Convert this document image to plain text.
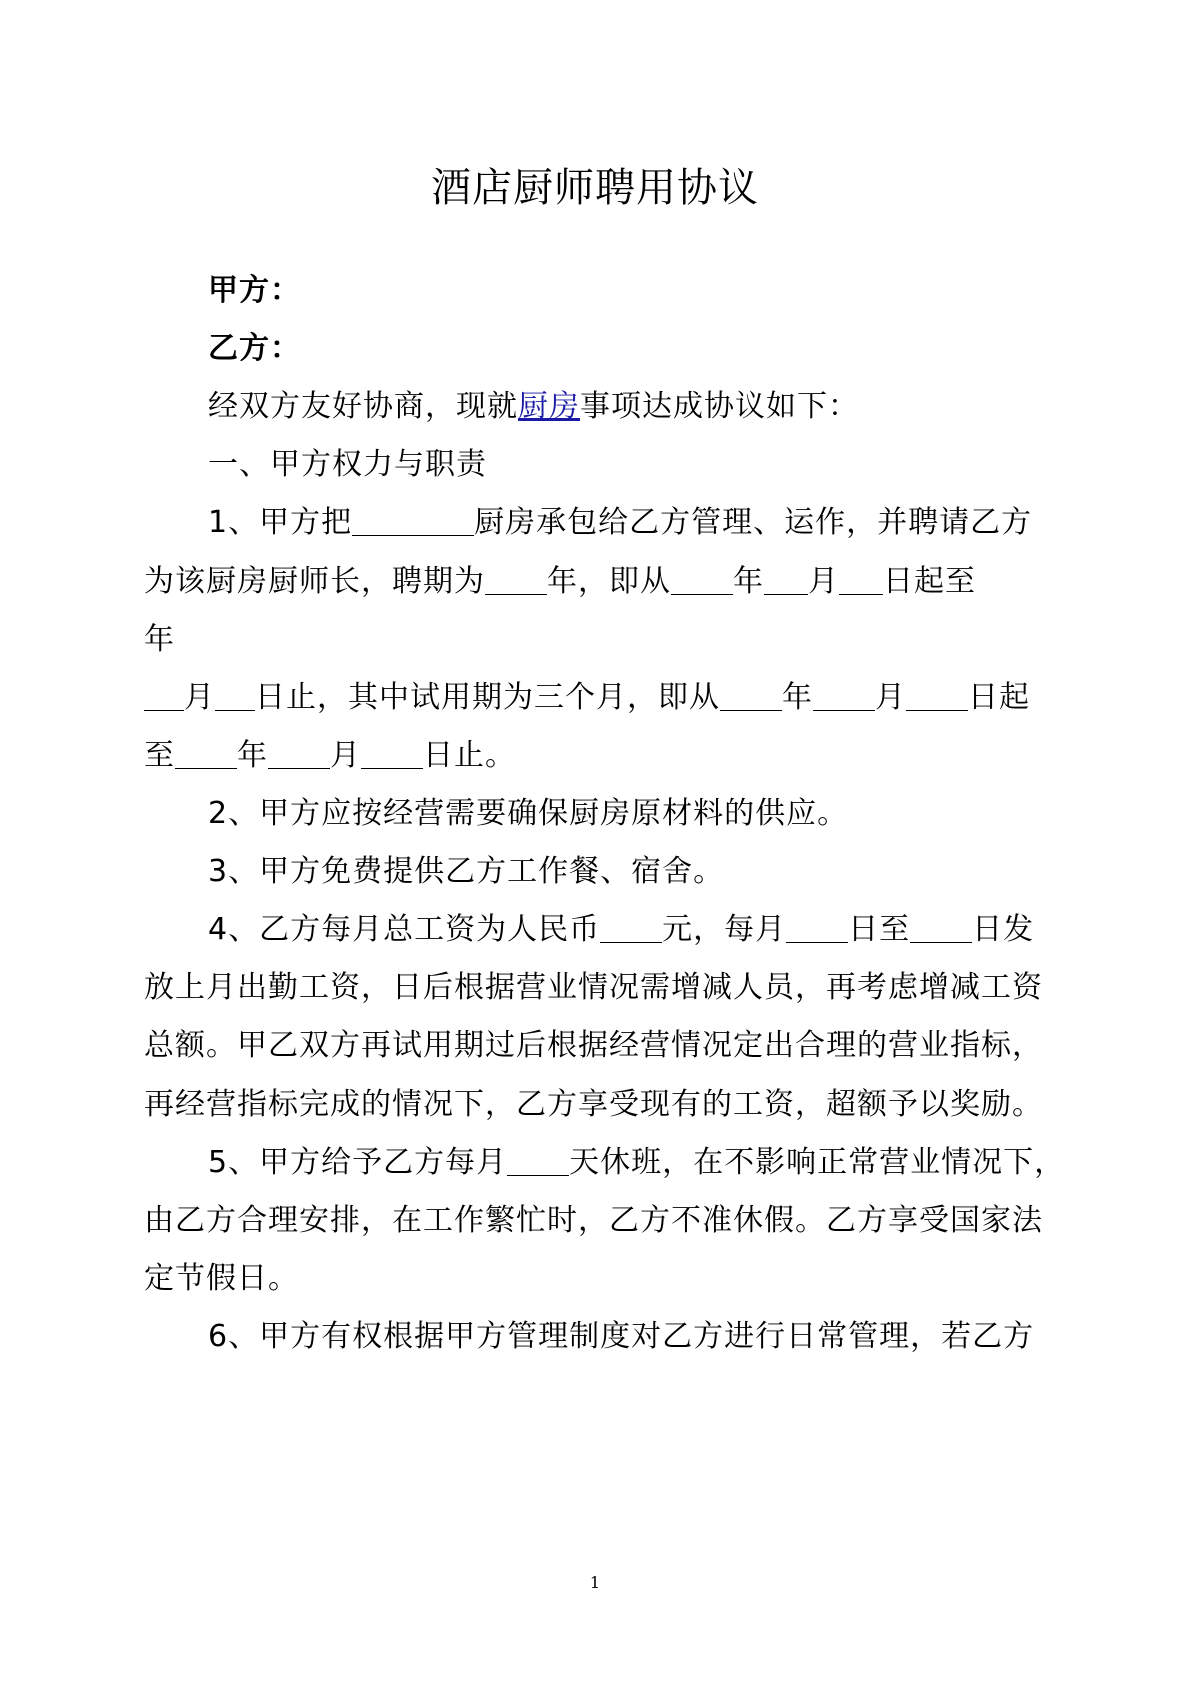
酒店厨师聘用协议
甲方：
乙方：
经双方友好协商，现就厨房事项达成协议如下：
一、甲方权力与职责
1、甲方把	厨房承包给乙方管理、运作，并聘请乙方
为该厨房厨师长，聘期为 年，即从 年 月 日起至
年
月 日止，其中试用期为三个月，即从 年 月 日起
至 年 月 日止。
2、甲方应按经营需要确保厨房原材料的供应。
3、甲方免费提供乙方工作餐、宿舍。
4、乙方每月总工资为人民币 元，每月 日至 日发
放上月出勤工资，日后根据营业情况需增减人员，再考虑增减工资
总额。甲乙双方再试用期过后根据经营情况定出合理的营业指标，
再经营指标完成的情况下，乙方享受现有的工资，超额予以奖励。
5、甲方给予乙方每月 天休班，在不影响正常营业情况下，
由乙方合理安排，在工作繁忙时，乙方不准休假。乙方享受国家法
定节假日。
6、甲方有权根据甲方管理制度对乙方进行日常管理，若乙方
1
